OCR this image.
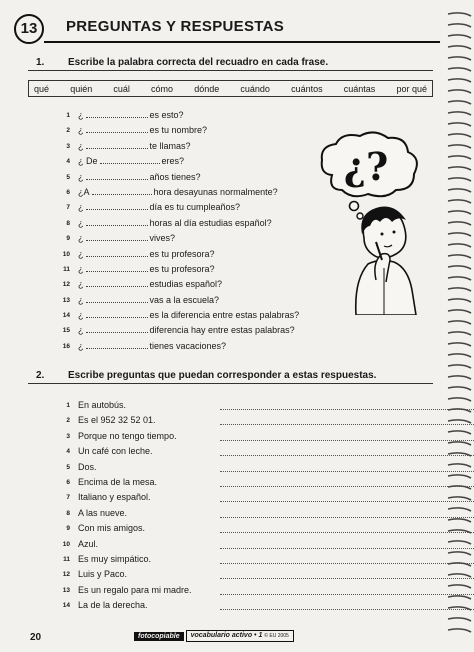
13	PREGUNTAS Y RESPUESTAS
1. Escribe la palabra correcta del recuadro en cada frase.
qué quién cuál cómo dónde cuándo cuántos cuántas por qué
1 ¿	es esto?
2 ¿	es tu nombre?
3 ¿	te llamas?
4 ¿ De	eres?
5 ¿	años tienes?
6 ¿A	hora desayunas normalmente?
7 ¿	día es tu cumpleaños?
8 ¿	horas al día estudias español?
9 ¿	vives?
10 ¿	es tu profesora?
11 ¿	es tu profesora?
12 ¿	estudias español?
13 ¿	vas a la escuela?
14 ¿	es la diferencia entre estas palabras?
15 ¿	diferencia hay entre estas palabras?
16 ¿	tienes vacaciones?
¿?
2. Escribe preguntas que puedan corresponder a estas respuestas.
1 En autobús.
2 Es el 952 32 52 01.
3 Porque no tengo tiempo.
4 Un café con leche.
5 Dos.
6 Encima de la mesa.
7 Italiano y español.
8 A las nueve.
9 Con mis amigos.
10 Azul.
11 Es muy simpático.
12 Luis y Paco.
13 Es un regalo para mi madre.
14 La de la derecha.
20	fotocopiable	vocabulario activo • 1 © EU 2005
